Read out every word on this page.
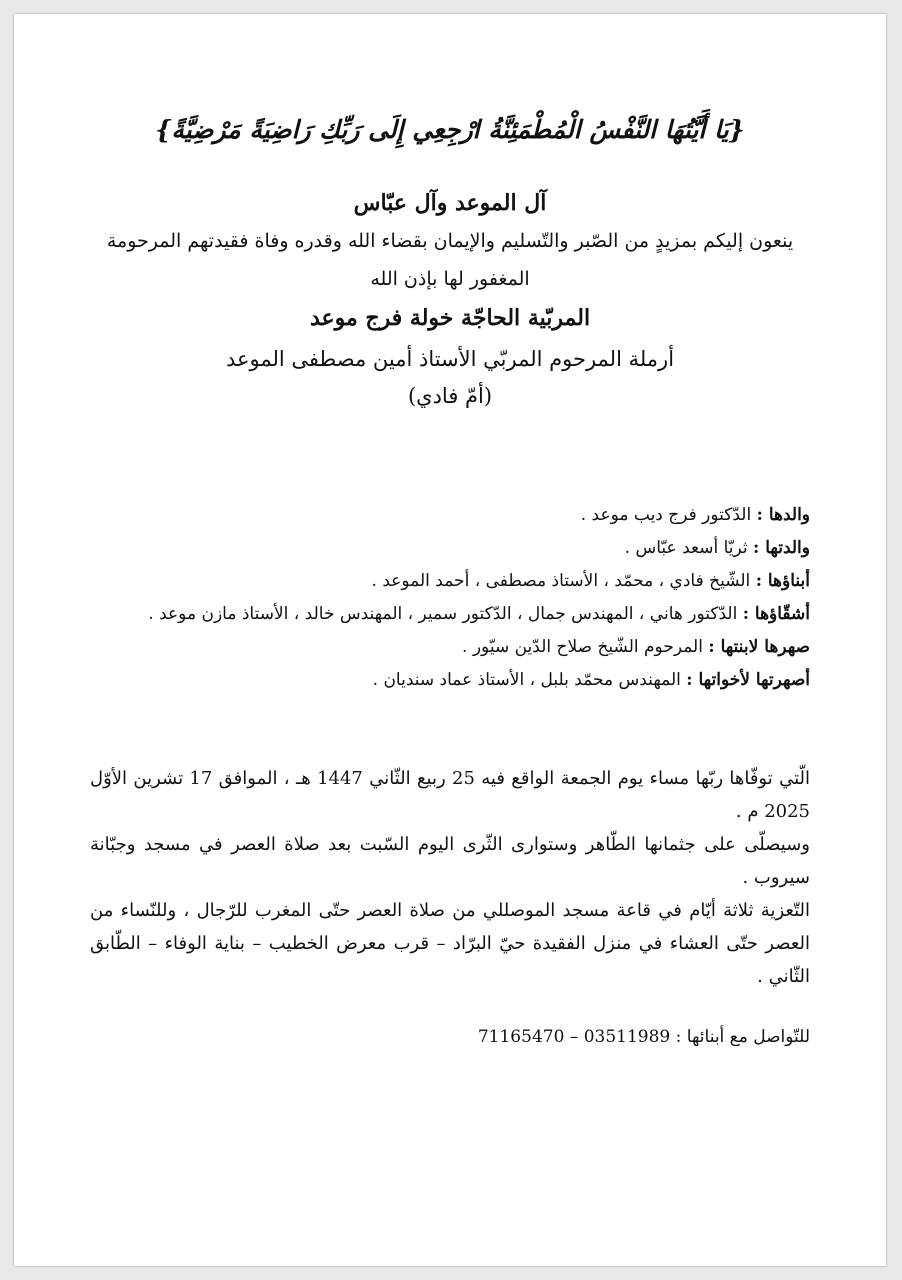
{يَا أَيَّتُهَا النَّفْسُ الْمُطْمَئِنَّةُ ارْجِعِي إِلَى رَبِّكِ رَاضِيَةً مَرْضِيَّةً}
آل الموعد وآل عبّاس
ينعون إليكم بمزيدٍ من الصّبر والتّسليم والإيمان بقضاء الله وقدره وفاة فقيدتهم المرحومة المغفور لها بإذن الله
المربّية الحاجّة خولة فرج موعد
أرملة المرحوم المربّي الأستاذ أمين مصطفى الموعد
(أمّ فادي)
والدها : الدّكتور فرج ديب موعد .
والدتها : ثريّا أسعد عبّاس .
أبناؤها : الشّيخ فادي ، محمّد ، الأستاذ مصطفى ، أحمد الموعد .
أشقّاؤها : الدّكتور هاني ، المهندس جمال ، الدّكتور سمير ، المهندس خالد ، الأستاذ مازن موعد .
صهرها لابنتها : المرحوم الشّيخ صلاح الدّين سيّور .
أصهرتها لأخواتها : المهندس محمّد بلبل ، الأستاذ عماد سنديان .

الّتي توفّاها ربّها مساء يوم الجمعة الواقع فيه 25 ربيع الثّاني 1447 هـ ، الموافق 17 تشرين الأوّل 2025 م .

وسيصلّى على جثمانها الطّاهر وستوارى الثّرى اليوم السّبت بعد صلاة العصر في مسجد وجبّانة سيروب .

التّعزية ثلاثة أيّام في قاعة مسجد الموصللي من صلاة العصر حتّى المغرب للرّجال ، وللنّساء من العصر حتّى العشاء في منزل الفقيدة حيّ البرّاد – قرب معرض الخطيب – بناية الوفاء – الطّابق الثّاني .

للتّواصل مع أبنائها : 03511989 – 71165470
